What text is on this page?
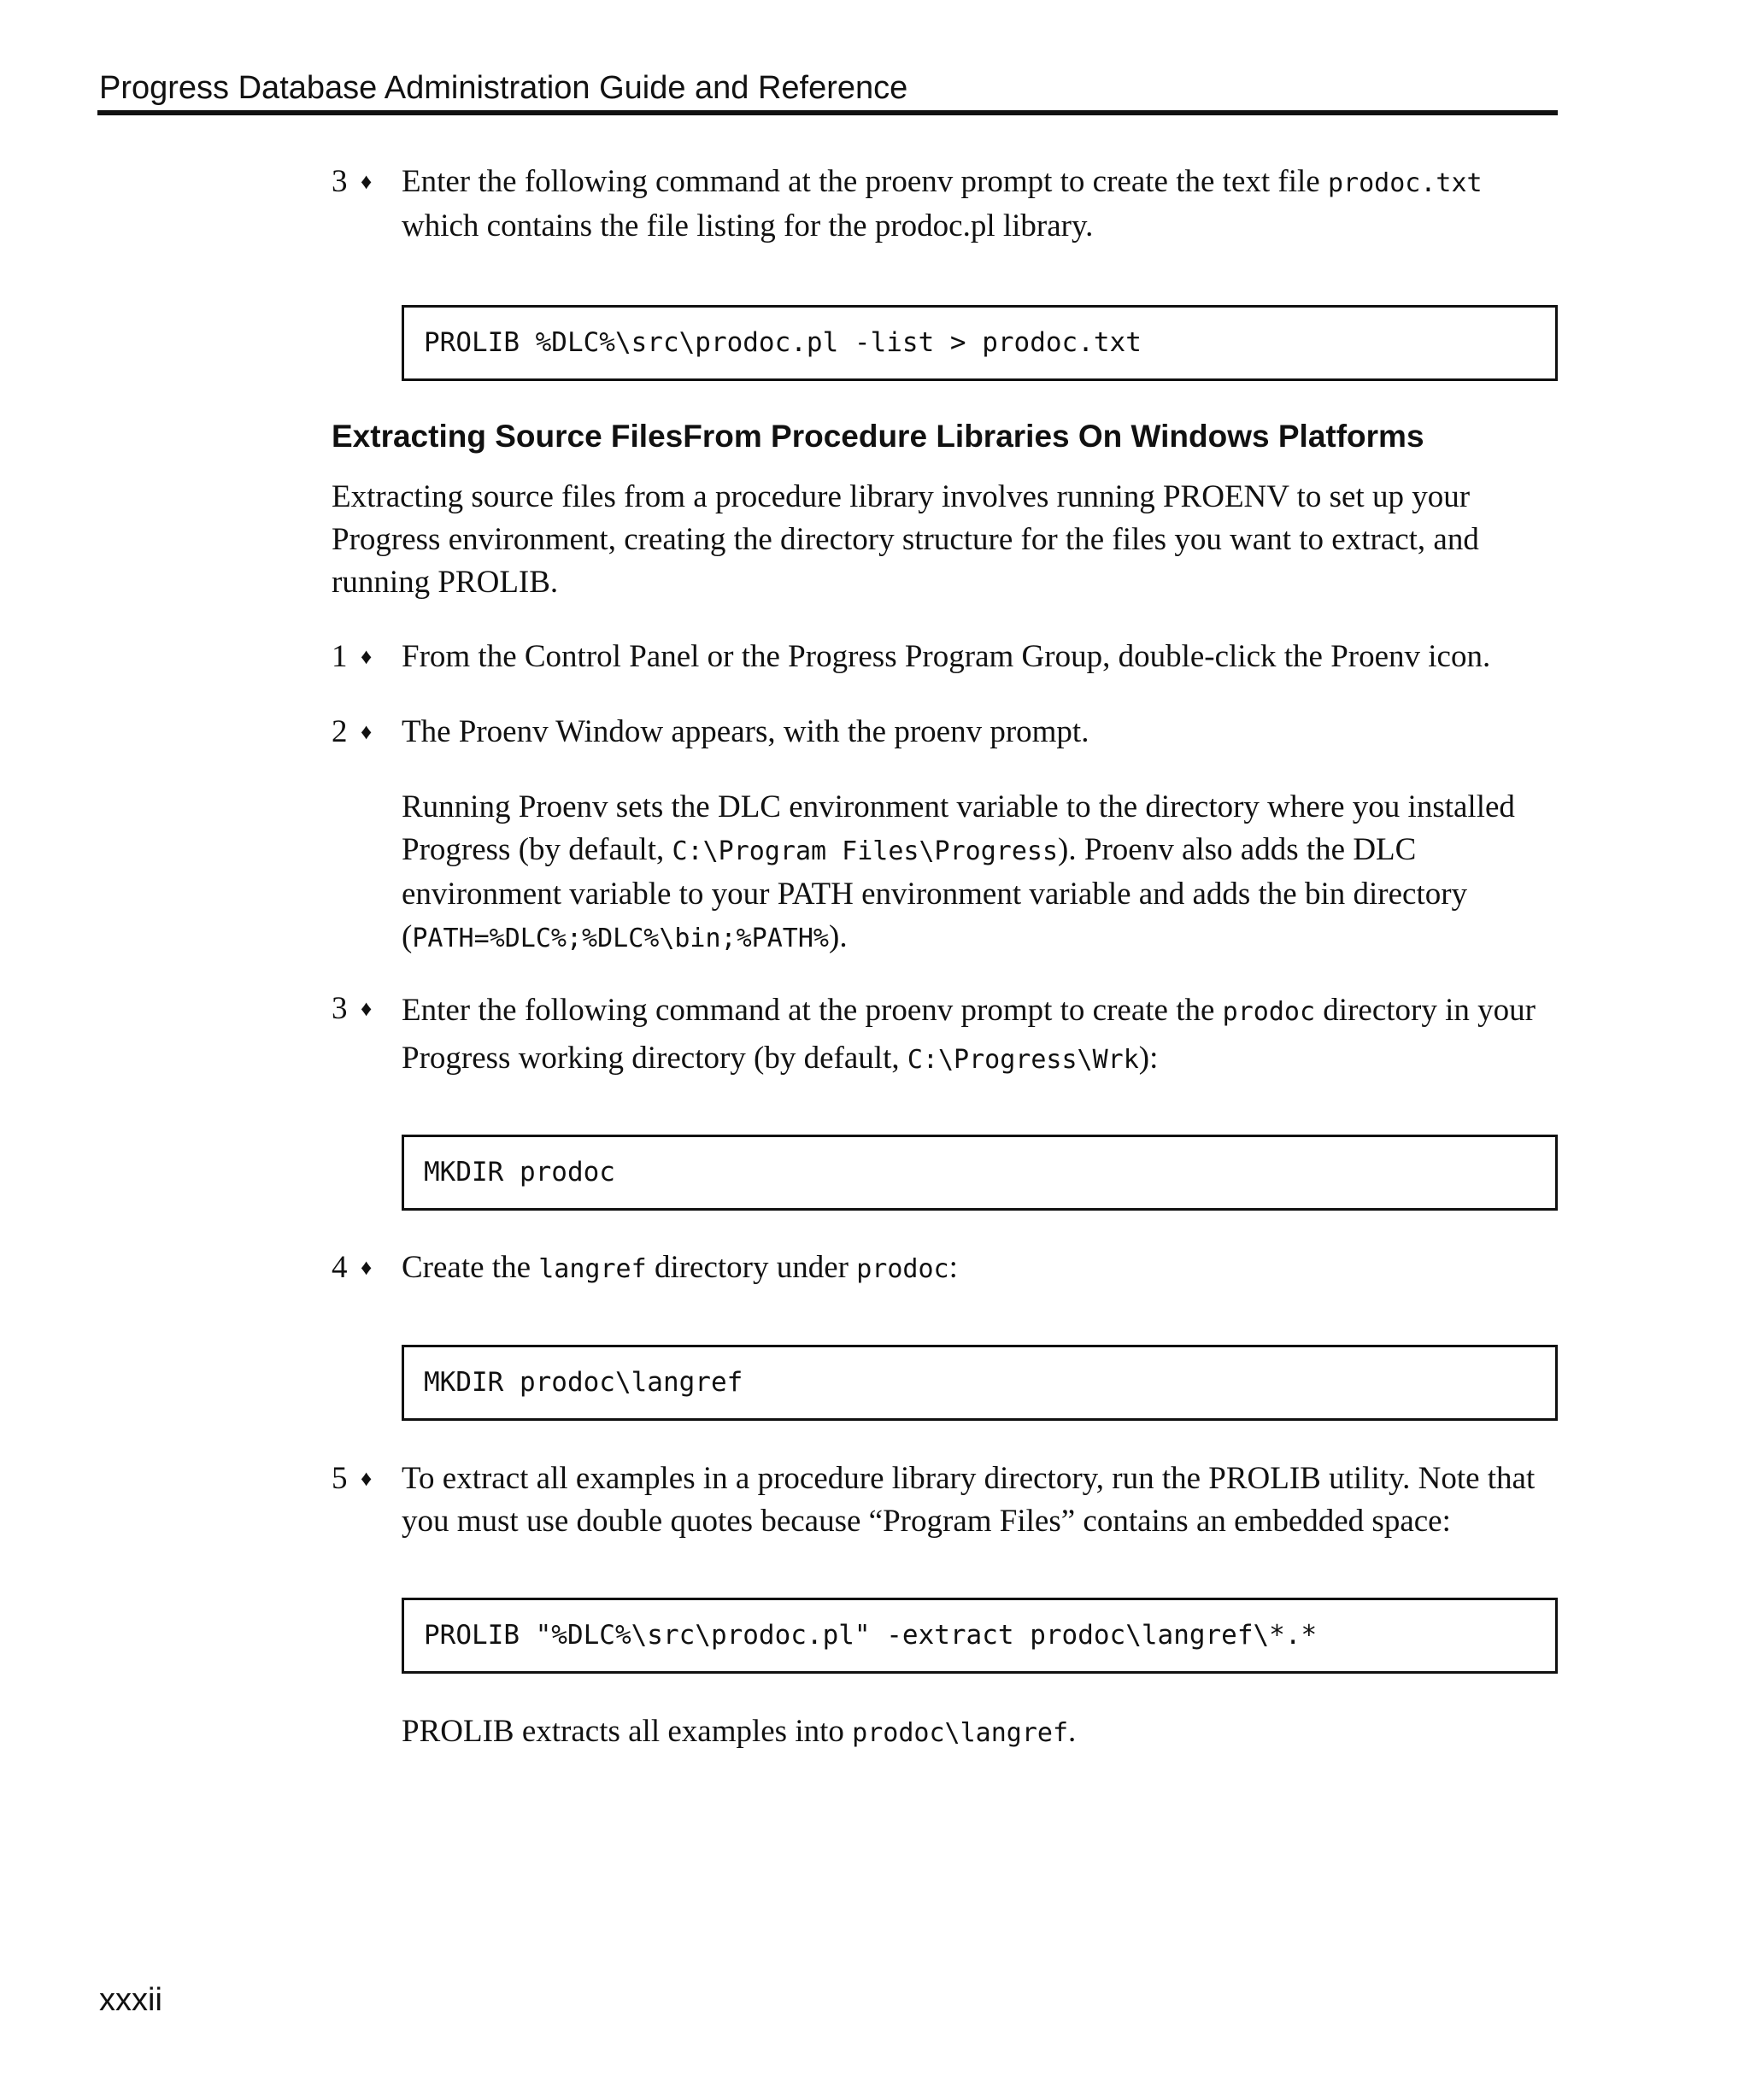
Progress Database Administration Guide and Reference
3 ♦ Enter the following command at the proenv prompt to create the text file prodoc.txt
which contains the file listing for the prodoc.pl library.
PROLIB %DLC%\src\prodoc.pl -list > prodoc.txt
Extracting Source FilesFrom Procedure Libraries On Windows Platforms
Extracting source files from a procedure library involves running PROENV to set up your Progress environment, creating the directory structure for the files you want to extract, and running PROLIB.
1 ♦ From the Control Panel or the Progress Program Group, double-click the Proenv icon.
2 ♦ The Proenv Window appears, with the proenv prompt.
Running Proenv sets the DLC environment variable to the directory where you installed Progress (by default, C:\Program Files\Progress). Proenv also adds the DLC environment variable to your PATH environment variable and adds the bin directory (PATH=%DLC%;%DLC%\bin;%PATH%).
3 ♦ Enter the following command at the proenv prompt to create the prodoc directory in your Progress working directory (by default, C:\Progress\Wrk):
MKDIR prodoc
4 ♦ Create the langref directory under prodoc:
MKDIR prodoc\langref
5 ♦ To extract all examples in a procedure library directory, run the PROLIB utility. Note that you must use double quotes because “Program Files” contains an embedded space:
PROLIB "%DLC%\src\prodoc.pl" -extract prodoc\langref\*.*
PROLIB extracts all examples into prodoc\langref.
xxxii
